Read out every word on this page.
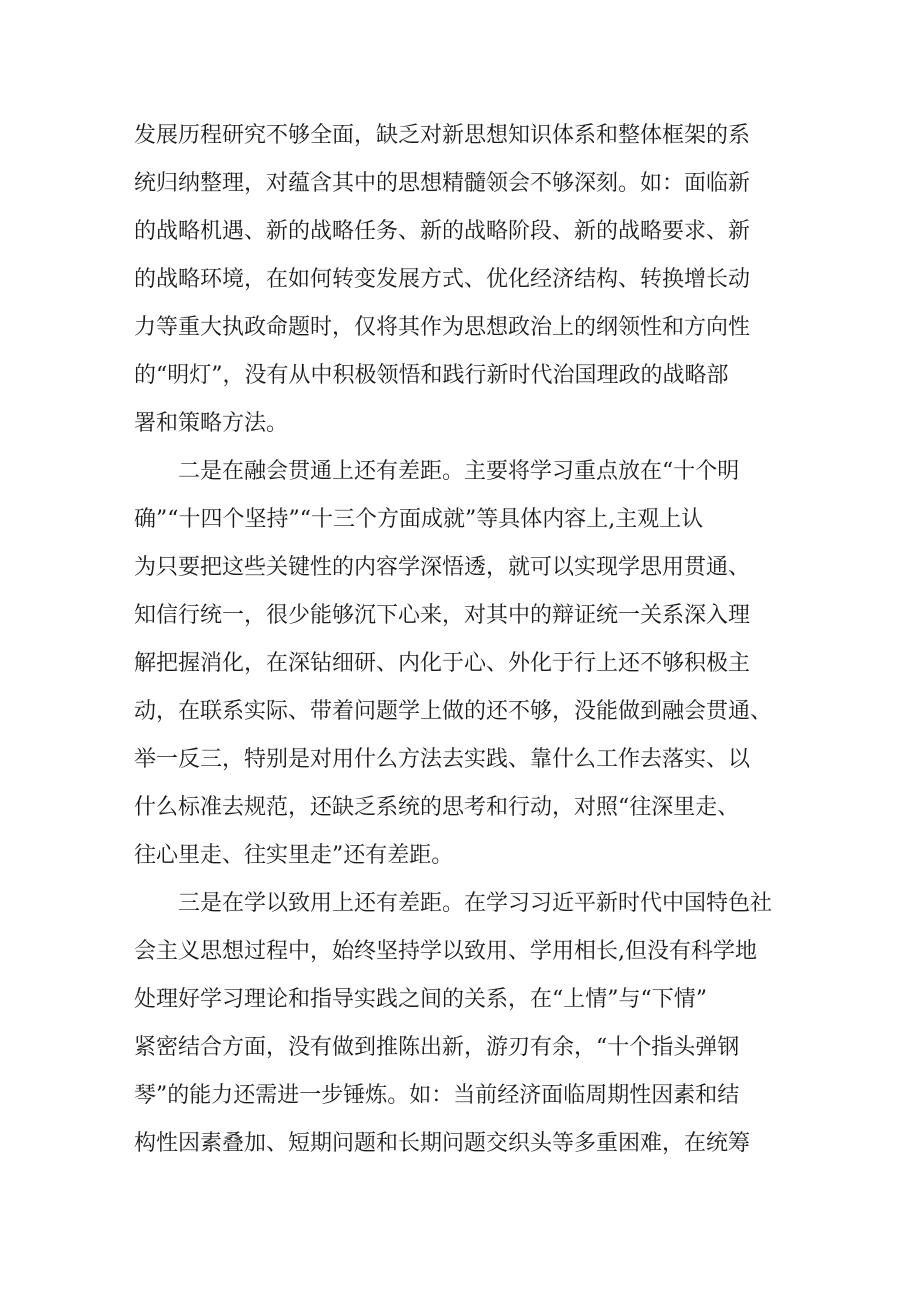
发展历程研究不够全面，缺乏对新思想知识体系和整体框架的系
统归纳整理，对蕴含其中的思想精髓领会不够深刻。如：面临新
的战略机遇、新的战略任务、新的战略阶段、新的战略要求、新
的战略环境，在如何转变发展方式、优化经济结构、转换增长动
力等重大执政命题时，仅将其作为思想政治上的纲领性和方向性
的“明灯”，没有从中积极领悟和践行新时代治国理政的战略部
署和策略方法。
　　二是在融会贯通上还有差距。主要将学习重点放在“十个明
确”“十四个坚持”“十三个方面成就”等具体内容上,主观上认
为只要把这些关键性的内容学深悟透，就可以实现学思用贯通、
知信行统一，很少能够沉下心来，对其中的辩证统一关系深入理
解把握消化，在深钻细研、内化于心、外化于行上还不够积极主
动，在联系实际、带着问题学上做的还不够，没能做到融会贯通、
举一反三，特别是对用什么方法去实践、靠什么工作去落实、以
什么标准去规范，还缺乏系统的思考和行动，对照“往深里走、
往心里走、往实里走”还有差距。
　　三是在学以致用上还有差距。在学习习近平新时代中国特色社
会主义思想过程中，始终坚持学以致用、学用相长,但没有科学地
处理好学习理论和指导实践之间的关系，在“上情”与“下情”
紧密结合方面，没有做到推陈出新，游刃有余，“十个指头弹钢
琴”的能力还需进一步锤炼。如：当前经济面临周期性因素和结
构性因素叠加、短期问题和长期问题交织头等多重困难，在统筹
